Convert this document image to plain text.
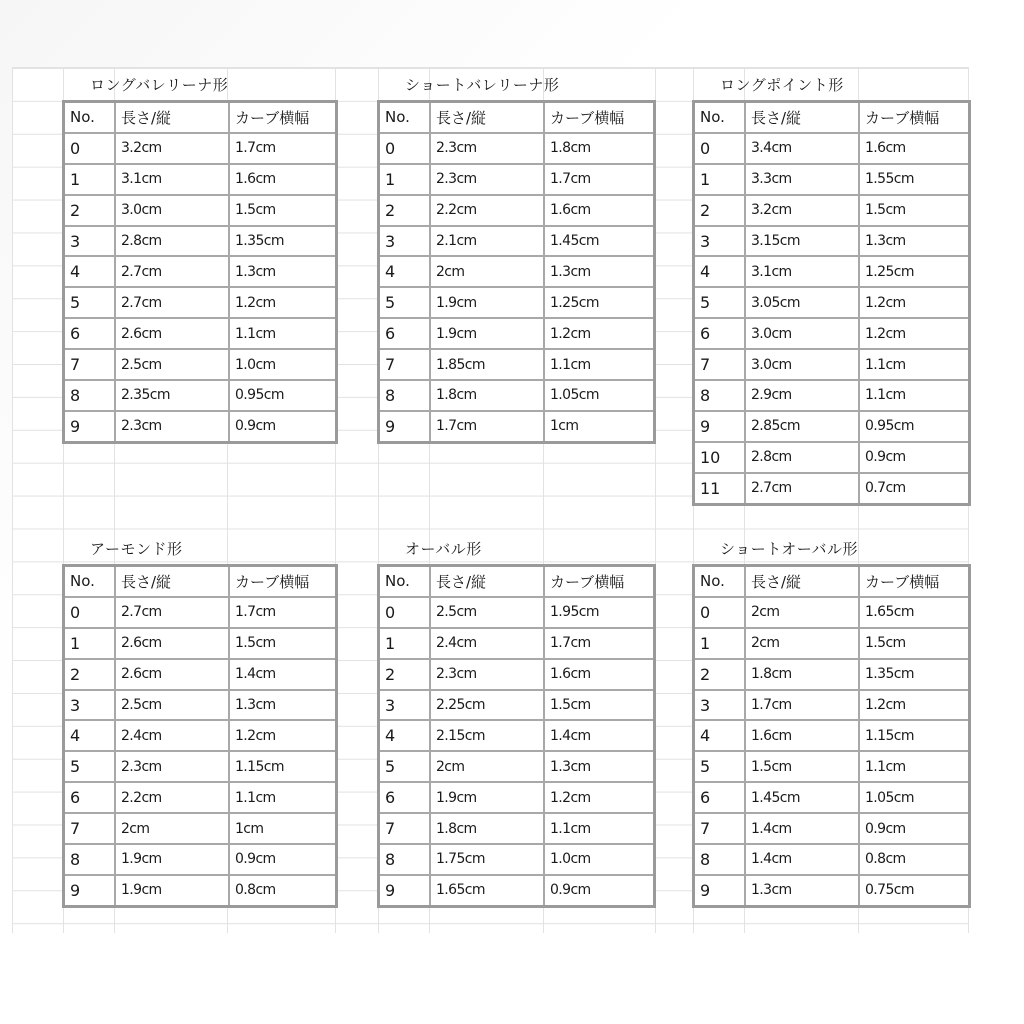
ロングバレリーナ形
No.	長さ/縦	カーブ横幅
0	3.2cm	1.7cm
1	3.1cm	1.6cm
2	3.0cm	1.5cm
3	2.8cm	1.35cm
4	2.7cm	1.3cm
5	2.7cm	1.2cm
6	2.6cm	1.1cm
7	2.5cm	1.0cm
8	2.35cm	0.95cm
9	2.3cm	0.9cm
ショートバレリーナ形
No.	長さ/縦	カーブ横幅
0	2.3cm	1.8cm
1	2.3cm	1.7cm
2	2.2cm	1.6cm
3	2.1cm	1.45cm
4	2cm	1.3cm
5	1.9cm	1.25cm
6	1.9cm	1.2cm
7	1.85cm	1.1cm
8	1.8cm	1.05cm
9	1.7cm	1cm
ロングポイント形
No.	長さ/縦	カーブ横幅
0	3.4cm	1.6cm
1	3.3cm	1.55cm
2	3.2cm	1.5cm
3	3.15cm	1.3cm
4	3.1cm	1.25cm
5	3.05cm	1.2cm
6	3.0cm	1.2cm
7	3.0cm	1.1cm
8	2.9cm	1.1cm
9	2.85cm	0.95cm
10	2.8cm	0.9cm
11	2.7cm	0.7cm
アーモンド形
No.	長さ/縦	カーブ横幅
0	2.7cm	1.7cm
1	2.6cm	1.5cm
2	2.6cm	1.4cm
3	2.5cm	1.3cm
4	2.4cm	1.2cm
5	2.3cm	1.15cm
6	2.2cm	1.1cm
7	2cm	1cm
8	1.9cm	0.9cm
9	1.9cm	0.8cm
オーバル形
No.	長さ/縦	カーブ横幅
0	2.5cm	1.95cm
1	2.4cm	1.7cm
2	2.3cm	1.6cm
3	2.25cm	1.5cm
4	2.15cm	1.4cm
5	2cm	1.3cm
6	1.9cm	1.2cm
7	1.8cm	1.1cm
8	1.75cm	1.0cm
9	1.65cm	0.9cm
ショートオーバル形
No.	長さ/縦	カーブ横幅
0	2cm	1.65cm
1	2cm	1.5cm
2	1.8cm	1.35cm
3	1.7cm	1.2cm
4	1.6cm	1.15cm
5	1.5cm	1.1cm
6	1.45cm	1.05cm
7	1.4cm	0.9cm
8	1.4cm	0.8cm
9	1.3cm	0.75cm
